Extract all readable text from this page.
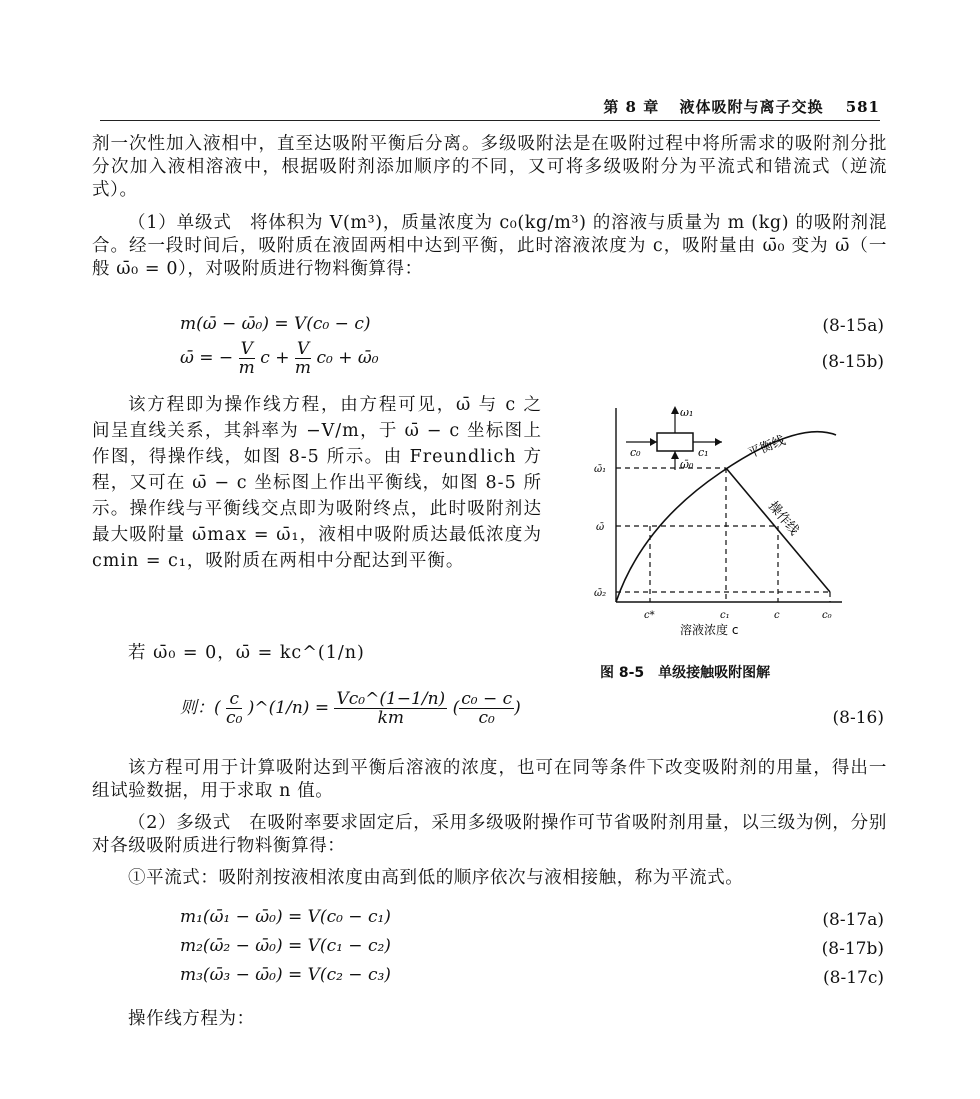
第 8 章 液体吸附与离子交换 581
剂一次性加入液相中，直至达吸附平衡后分离。多级吸附法是在吸附过程中将所需求的吸附剂分批分次加入液相溶液中，根据吸附剂添加顺序的不同，又可将多级吸附分为平流式和错流式（逆流式）。
（1）单级式　将体积为 V(m³)，质量浓度为 c₀(kg/m³) 的溶液与质量为 m (kg) 的吸附剂混合。经一段时间后，吸附质在液固两相中达到平衡，此时溶液浓度为 c，吸附量由 ω̄₀ 变为 ω̄（一般 ω̄₀ = 0），对吸附质进行物料衡算得：
m(ω̄ − ω̄₀) = V(c₀ − c)	(8-15a)
ω̄ = − $\frac{V}{m}$ $c + \frac{V}{m} c_0$ + ω̄₀	(8-15b)
该方程即为操作线方程，由方程可见，ω̄ 与 c 之间呈直线关系，其斜率为 −V/m，于 ω̄ − c 坐标图上作图，得操作线，如图 8-5 所示。由 Freundlich 方程，又可在 ω̄ − c 坐标图上作出平衡线，如图 8-5 所示。操作线与平衡线交点即为吸附终点，此时吸附剂达最大吸附量 ω̄max = ω̄₁，液相中吸附质达最低浓度为 cmin = c₁，吸附质在两相中分配达到平衡。
若 ω̄₀ = 0，ω̄ = kc^(1/n)
ω₁
c₀	c₁
ω̄₀
平衡线
操作线
ω̄₁
ω̄
ω̄₂
c*	c₁	c	c₀
溶液浓度 c
图 8-5　单级接触吸附图解
则：( $\frac{c}{\text{c₀}}$ )^(1/n) = $\frac{\text{Vc₀\textasciicircum{}(1−1/n)}}{km}$ ( $\frac{\text{c₀ − c}}{\text{c₀}}$ )	(8-16)
该方程可用于计算吸附达到平衡后溶液的浓度，也可在同等条件下改变吸附剂的用量，得出一组试验数据，用于求取 n 值。
（2）多级式　在吸附率要求固定后，采用多级吸附操作可节省吸附剂用量，以三级为例，分别对各级吸附质进行物料衡算得：
①平流式：吸附剂按液相浓度由高到低的顺序依次与液相接触，称为平流式。
m₁(ω̄₁ − ω̄₀) = V(c₀ − c₁)	(8-17a)
m₂(ω̄₂ − ω̄₀) = V(c₁ − c₂)	(8-17b)
m₃(ω̄₃ − ω̄₀) = V(c₂ − c₃)	(8-17c)
操作线方程为：
